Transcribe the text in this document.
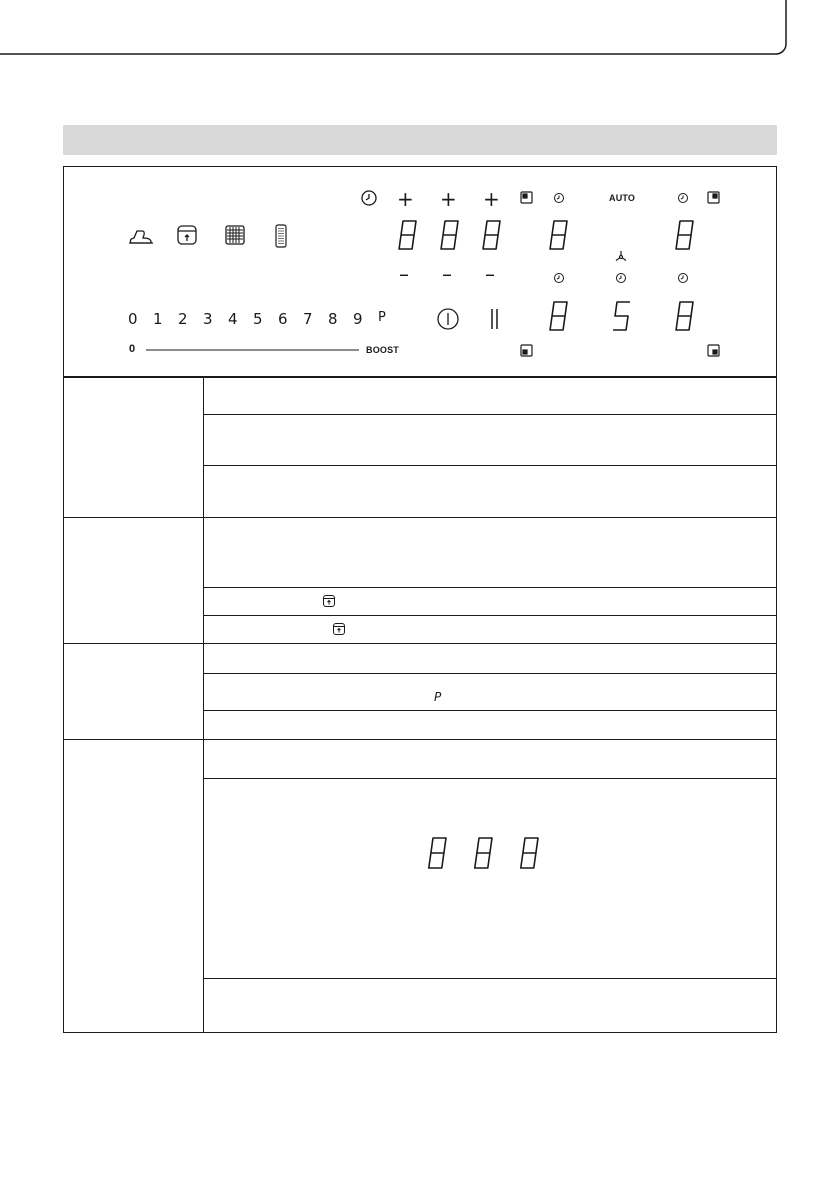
+ + +
– – –
AUTO
0 1 2 3 4 5 6 7 8 9 P
0	BOOST
P
